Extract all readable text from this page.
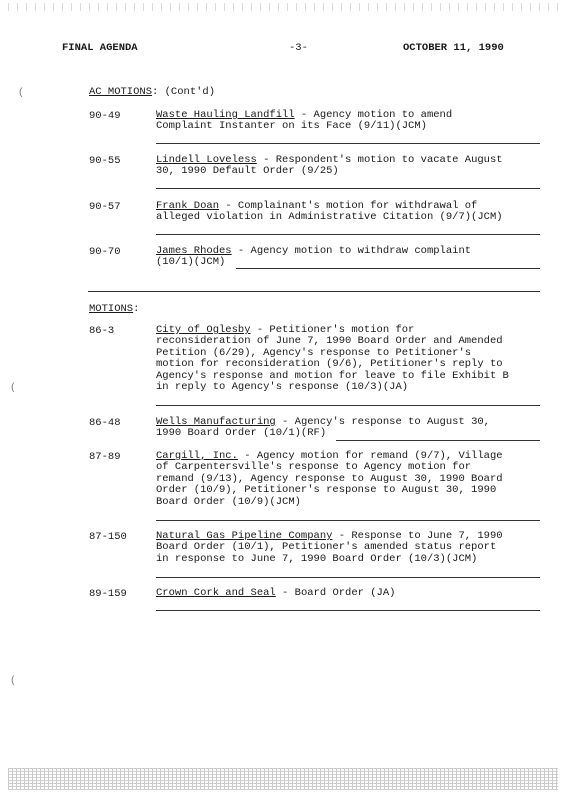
FINAL AGENDA	-3-	OCTOBER 11, 1990
(
(
(
AC MOTIONS: (Cont'd)
90-49	Waste Hauling Landfill - Agency motion to amend
Complaint Instanter on its Face (9/11)(JCM)
90-55	Lindell Loveless - Respondent's motion to vacate August
30, 1990 Default Order (9/25)
90-57	Frank Doan - Complainant's motion for withdrawal of
alleged violation in Administrative Citation (9/7)(JCM)
90-70	James Rhodes - Agency motion to withdraw complaint
(10/1)(JCM)
MOTIONS:
86-3	City of Oglesby - Petitioner's motion for
reconsideration of June 7, 1990 Board Order and Amended
Petition (6/29), Agency's response to Petitioner's
motion for reconsideration (9/6), Petitioner's reply to
Agency's response and motion for leave to file Exhibit B
in reply to Agency's response (10/3)(JA)
86-48	Wells Manufacturing - Agency's response to August 30,
1990 Board Order (10/1)(RF)
87-89	Cargill, Inc. - Agency motion for remand (9/7), Village
of Carpentersville's response to Agency motion for
remand (9/13), Agency response to August 30, 1990 Board
Order (10/9), Petitioner's response to August 30, 1990
Board Order (10/9)(JCM)
87-150	Natural Gas Pipeline Company - Response to June 7, 1990
Board Order (10/1), Petitioner's amended status report
in response to June 7, 1990 Board Order (10/3)(JCM)
89-159	Crown Cork and Seal - Board Order (JA)
